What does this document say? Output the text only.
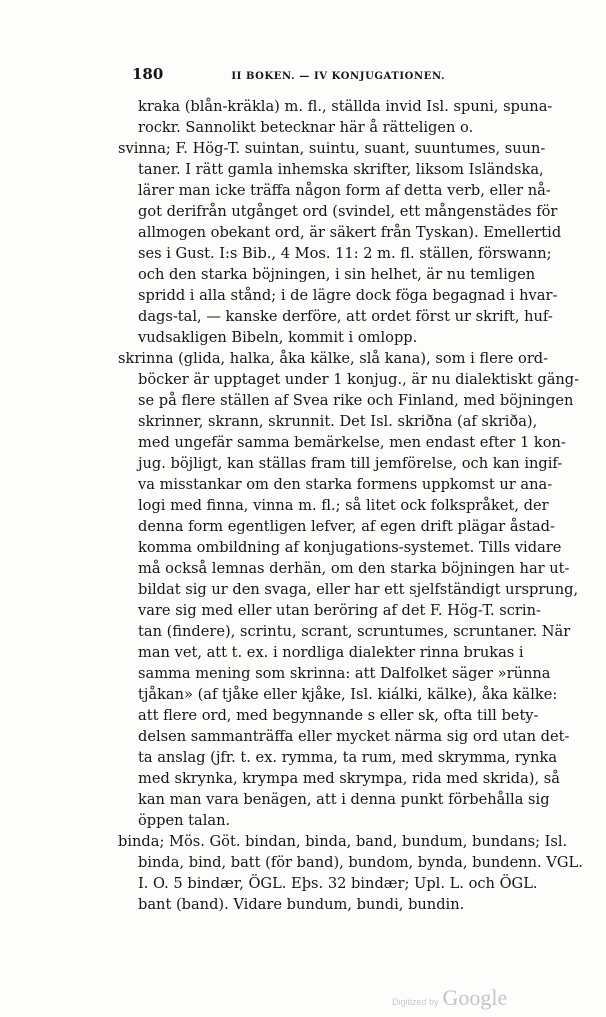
180	II BOKEN. — IV KONJUGATIONEN.
kraka (blån-kräkla) m. fl., ställda invid Isl. spuni, spuna-
rockr. Sannolikt betecknar här å rätteligen o.
svinna; F. Hög-T. suintan, suintu, suant, suuntumes, suun-
taner. I rätt gamla inhemska skrifter, liksom Isländska,
lärer man icke träffa någon form af detta verb, eller nå-
got derifrån utgånget ord (svindel, ett mångenstädes för
allmogen obekant ord, är säkert från Tyskan). Emellertid
ses i Gust. I:s Bib., 4 Mos. 11: 2 m. fl. ställen, förswann;
och den starka böjningen, i sin helhet, är nu temligen
spridd i alla stånd; i de lägre dock föga begagnad i hvar-
dags-tal, — kanske derföre, att ordet först ur skrift, huf-
vudsakligen Bibeln, kommit i omlopp.
skrinna (glida, halka, åka kälke, slå kana), som i flere ord-
böcker är upptaget under 1 konjug., är nu dialektiskt gäng-
se på flere ställen af Svea rike och Finland, med böjningen
skrinner, skrann, skrunnit. Det Isl. skriðna (af skriða),
med ungefär samma bemärkelse, men endast efter 1 kon-
jug. böjligt, kan ställas fram till jemförelse, och kan ingif-
va misstankar om den starka formens uppkomst ur ana-
logi med finna, vinna m. fl.; så litet ock folkspråket, der
denna form egentligen lefver, af egen drift plägar åstad-
komma ombildning af konjugations-systemet. Tills vidare
må också lemnas derhän, om den starka böjningen har ut-
bildat sig ur den svaga, eller har ett sjelfständigt ursprung,
vare sig med eller utan beröring af det F. Hög-T. scrin-
tan (findere), scrintu, scrant, scruntumes, scruntaner. När
man vet, att t. ex. i nordliga dialekter rinna brukas i
samma mening som skrinna: att Dalfolket säger »rünna
tjåkan» (af tjåke eller kjåke, Isl. kiálki, kälke), åka kälke:
att flere ord, med begynnande s eller sk, ofta till bety-
delsen sammanträffa eller mycket närma sig ord utan det-
ta anslag (jfr. t. ex. rymma, ta rum, med skrymma, rynka
med skrynka, krympa med skrympa, rida med skrida), så
kan man vara benägen, att i denna punkt förbehålla sig
öppen talan.
binda; Mös. Göt. bindan, binda, band, bundum, bundans; Isl.
binda, bind, batt (för band), bundom, bynda, bundenn. VGL.
I. O. 5 bindær, ÖGL. Eþs. 32 bindær; Upl. L. och ÖGL.
bant (band). Vidare bundum, bundi, bundin.
Digitized by Google
